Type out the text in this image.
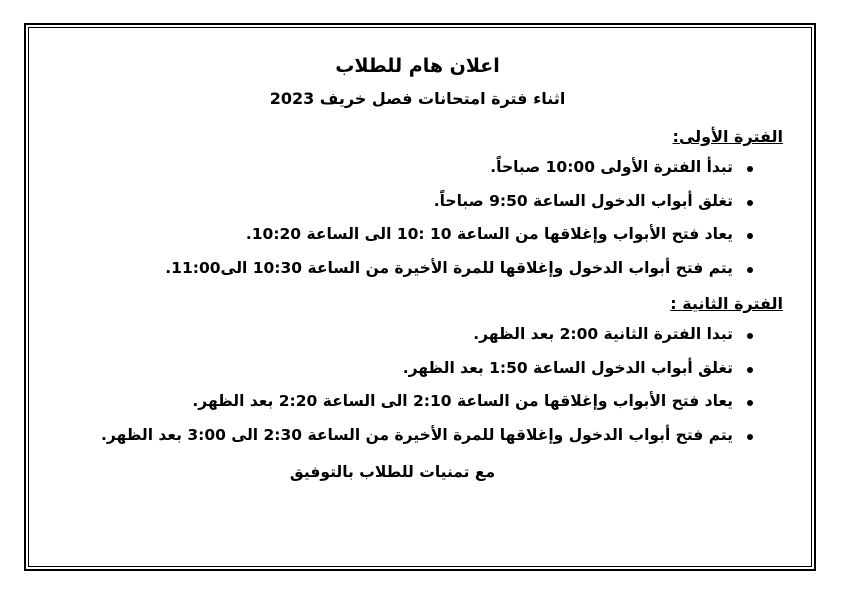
اعلان هام للطلاب
اثناء فترة امتحانات فصل خريف 2023
الفترة الأولى:
تبدأ الفترة الأولى 10:00 صباحاً.
تغلق أبواب الدخول الساعة 9:50 صباحاً.
يعاد فتح الأبواب وإغلاقها من الساعة 10 :10 الى الساعة 10:20.
يتم فتح أبواب الدخول وإغلاقها للمرة الأخيرة من الساعة 10:30 الى11:00.
الفترة الثانية :
تبدا الفترة الثانية 2:00 بعد الظهر.
تغلق أبواب الدخول الساعة 1:50 بعد الظهر.
يعاد فتح الأبواب وإغلاقها من الساعة 2:10 الى الساعة 2:20 بعد الظهر.
يتم فتح أبواب الدخول وإغلاقها للمرة الأخيرة من الساعة 2:30 الى 3:00 بعد الظهر.
مع تمنيات للطلاب بالتوفيق
